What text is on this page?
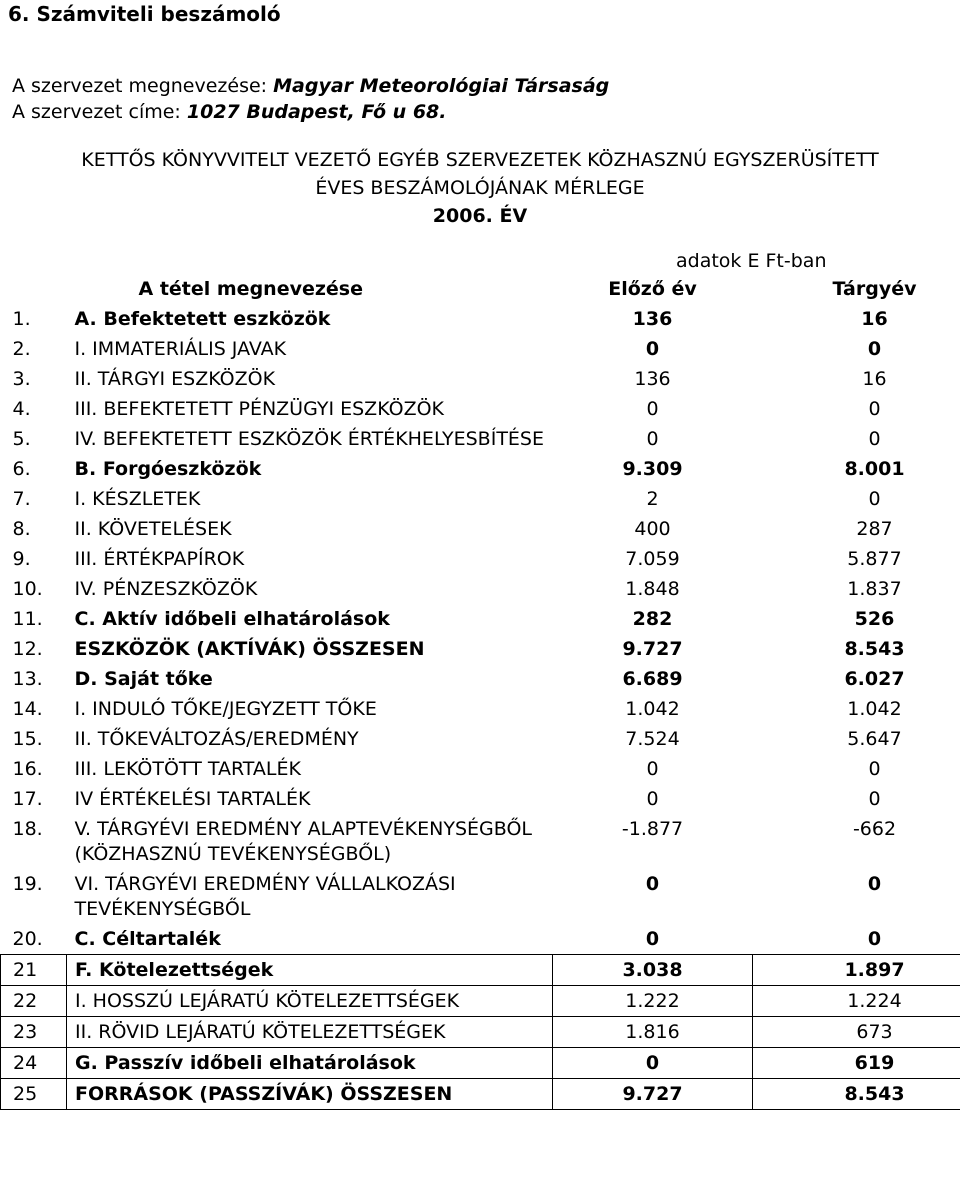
6. Számviteli beszámoló
A szervezet megnevezése: Magyar Meteorológiai Társaság
A szervezet címe: 1027 Budapest, Fő u 68.
KETTŐS KÖNYVVITELT VEZETŐ EGYÉB SZERVEZETEK KÖZHASZNÚ EGYSZERÜSÍTETT
ÉVES BESZÁMOLÓJÁNAK MÉRLEGE
2006. ÉV
adatok E Ft-ban
	A tétel megnevezése	Előző év	Tárgyév
1.	A. Befektetett eszközök	136	16
2.	I. IMMATERIÁLIS JAVAK	0	0
3.	II. TÁRGYI ESZKÖZÖK	136	16
4.	III. BEFEKTETETT PÉNZÜGYI ESZKÖZÖK	0	0
5.	IV. BEFEKTETETT ESZKÖZÖK ÉRTÉKHELYESBÍTÉSE	0	0
6.	B. Forgóeszközök	9.309	8.001
7.	I. KÉSZLETEK	2	0
8.	II. KÖVETELÉSEK	400	287
9.	III. ÉRTÉKPAPÍROK	7.059	5.877
10.	IV. PÉNZESZKÖZÖK	1.848	1.837
11.	C. Aktív időbeli elhatárolások	282	526
12.	ESZKÖZÖK (AKTÍVÁK) ÖSSZESEN	9.727	8.543
13.	D. Saját tőke	6.689	6.027
14.	I. INDULÓ TŐKE/JEGYZETT TŐKE	1.042	1.042
15.	II. TŐKEVÁLTOZÁS/EREDMÉNY	7.524	5.647
16.	III. LEKÖTÖTT TARTALÉK	0	0
17.	IV ÉRTÉKELÉSI TARTALÉK	0	0
18.	V. TÁRGYÉVI EREDMÉNY ALAPTEVÉKENYSÉGBŐL (KÖZHASZNÚ TEVÉKENYSÉGBŐL)	-1.877	-662
19.	VI. TÁRGYÉVI EREDMÉNY VÁLLALKOZÁSI TEVÉKENYSÉGBŐL	0	0
20.	C. Céltartalék	0	0
21	F. Kötelezettségek	3.038	1.897
22	I. HOSSZÚ LEJÁRATÚ KÖTELEZETTSÉGEK	1.222	1.224
23	II. RÖVID LEJÁRATÚ KÖTELEZETTSÉGEK	1.816	673
24	G. Passzív időbeli elhatárolások	0	619
25	FORRÁSOK (PASSZÍVÁK) ÖSSZESEN	9.727	8.543
